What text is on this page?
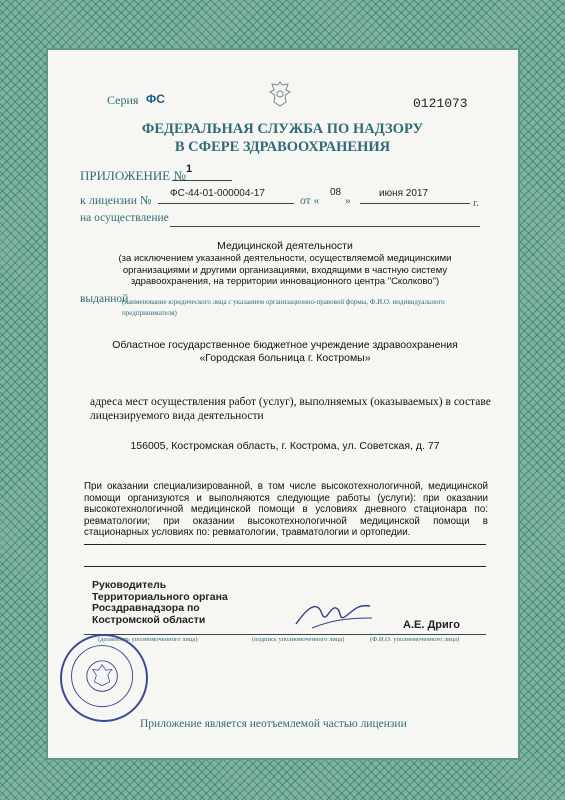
Серия ФС	0121073
ФЕДЕРАЛЬНАЯ СЛУЖБА ПО НАДЗОРУ
В СФЕРЕ ЗДРАВООХРАНЕНИЯ
ПРИЛОЖЕНИЕ № 1
к лицензии № ФС-44-01-000004-17
от «
08
»
июня 2017
г.
на осуществление
Медицинской деятельности
(за исключением указанной деятельности, осуществляемой медицинскими организациями и другими организациями, входящими в частную систему здравоохранения, на территории инновационного центра "Сколково")
выданной
(наименование юридического лица с указанием организационно-правовой формы, Ф.И.О. индивидуального предпринимателя)
Областное государственное бюджетное учреждение здравоохранения
«Городская больница г. Костромы»
адреса мест осуществления работ (услуг), выполняемых (оказываемых) в составе лицензируемого вида деятельности
156005, Костромская область, г. Кострома, ул. Советская, д. 77
При оказании специализированной, в том числе высокотехнологичной, медицинской помощи организуются и выполняются следующие работы (услуги): при оказании высокотехнологичной медицинской помощи в условиях дневного стационара по: ревматологии; при оказании высокотехнологичной медицинской помощи в стационарных условиях по: ревматологии, травматологии и ортопедии.
Руководитель Территориального органа Росздравнадзора по Костромской области	А.Е. Дриго
(должность уполномоченного лица)	(подпись уполномоченного лица)	(Ф.И.О. уполномоченного лица)
Приложение является неотъемлемой частью лицензии
